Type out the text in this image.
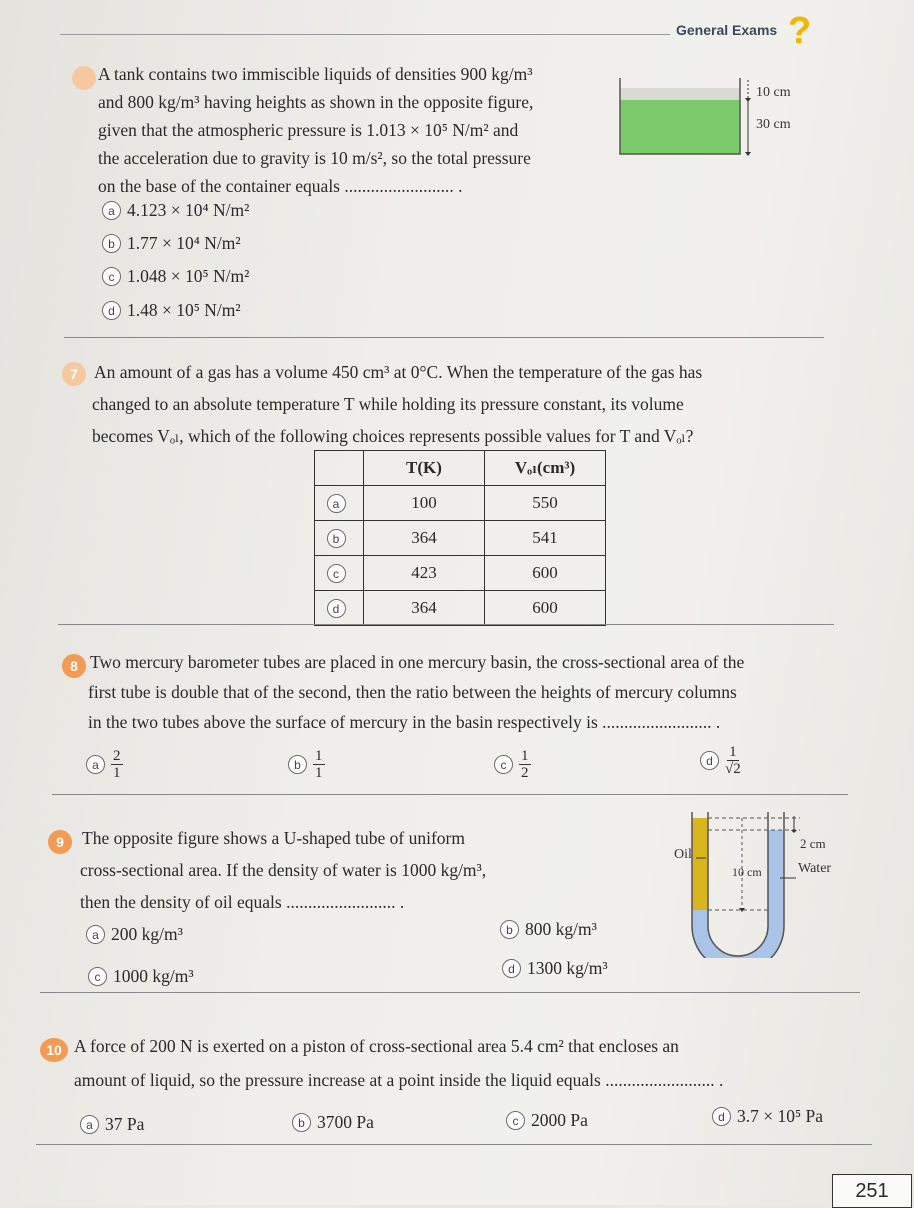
General Exams ?
A tank contains two immiscible liquids of densities 900 kg/m³
and 800 kg/m³ having heights as shown in the opposite figure,
given that the atmospheric pressure is 1.013 × 10⁵ N/m² and
the acceleration due to gravity is 10 m/s², so the total pressure
on the base of the container equals ......................... .
10 cm
30 cm
a 4.123 × 10⁴ N/m²
b 1.77 × 10⁴ N/m²
c 1.048 × 10⁵ N/m²
d 1.48 × 10⁵ N/m²
7 An amount of a gas has a volume 450 cm³ at 0°C. When the temperature of the gas has
changed to an absolute temperature T while holding its pressure constant, its volume
becomes Vₒₗ, which of the following choices represents possible values for T and Vₒₗ?
	T(K)	Vₒₗ(cm³)
a	100	550
b	364	541
c	423	600
d	364	600
8 Two mercury barometer tubes are placed in one mercury basin, the cross-sectional area of the
first tube is double that of the second, then the ratio between the heights of mercury columns
in the two tubes above the surface of mercury in the basin respectively is ......................... .
a $\frac{2}{1}$	b $\frac{1}{1}$	c $\frac{1}{2}$	d $\frac{1}{√2}$
9	The opposite figure shows a U-shaped tube of uniform
cross-sectional area. If the density of water is 1000 kg/m³,
then the density of oil equals ......................... .
2 cm
10 cm
Oil
Water
a 200 kg/m³	b 800 kg/m³
c 1000 kg/m³	d 1300 kg/m³
10 A force of 200 N is exerted on a piston of cross-sectional area 5.4 cm² that encloses an
amount of liquid, so the pressure increase at a point inside the liquid equals ......................... .
a 37 Pa	b 3700 Pa	c 2000 Pa	d 3.7 × 10⁵ Pa
251
